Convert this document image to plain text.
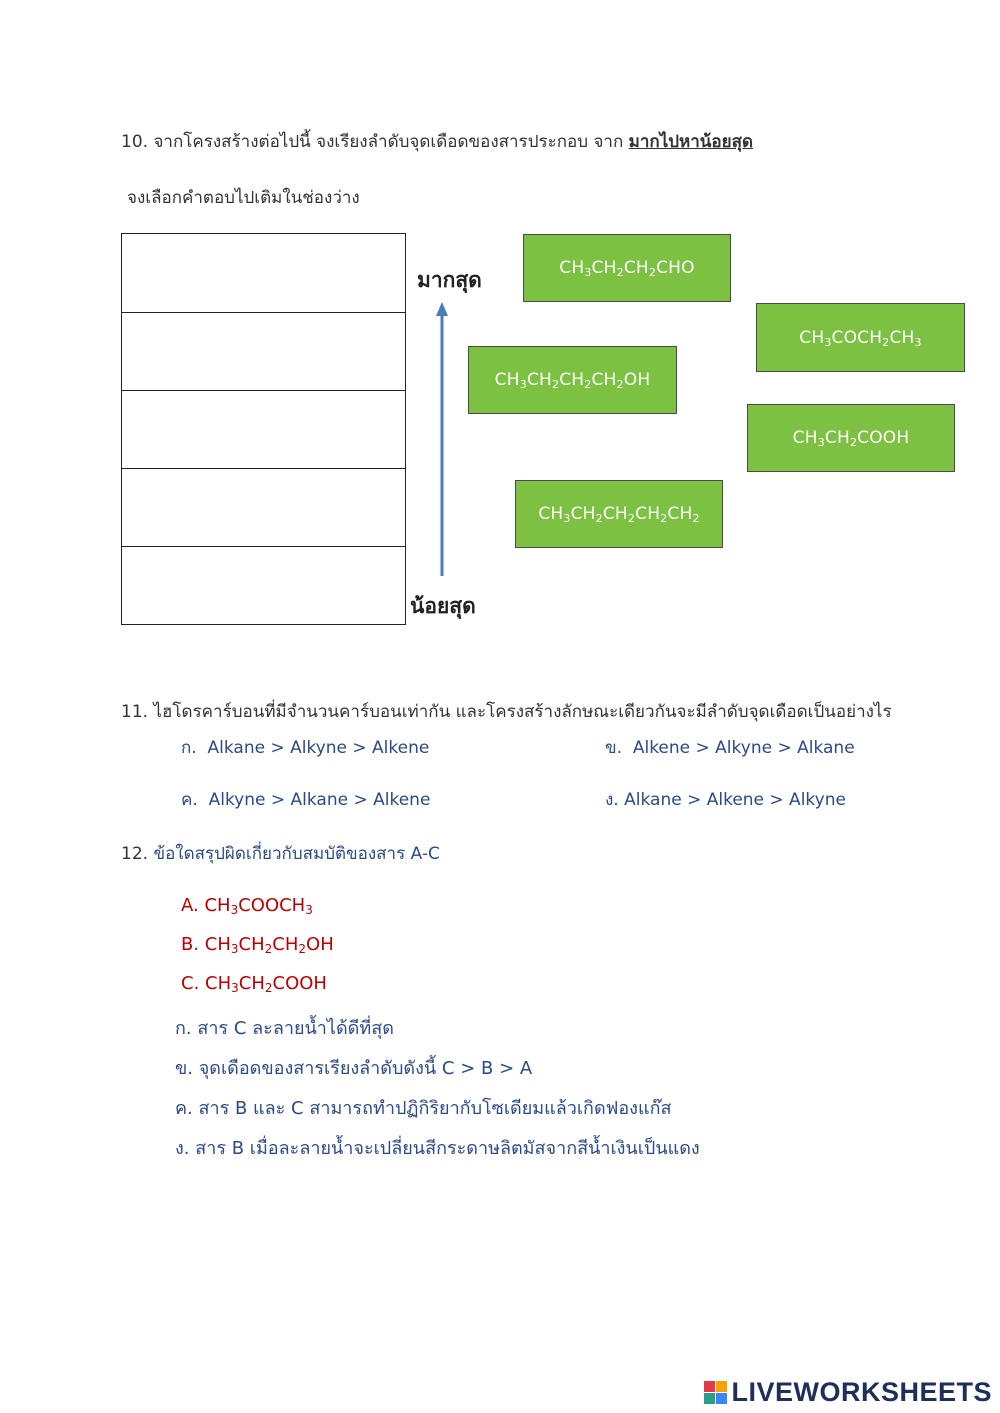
10. จากโครงสร้างต่อไปนี้ จงเรียงลำดับจุดเดือดของสารประกอบ จาก มากไปหาน้อยสุด
จงเลือกคำตอบไปเติมในช่องว่าง
มากสุด
น้อยสุด
$CH_3CH_2CH_2CHO$
$CH_3COCH_2CH_3$
$CH_3CH_2CH_2CH_2OH$
$CH_3CH_2COOH$
$CH_3CH_2CH_2CH_2CH_2$
11. ไฮโดรคาร์บอนที่มีจำนวนคาร์บอนเท่ากัน และโครงสร้างลักษณะเดียวกันจะมีลำดับจุดเดือดเป็นอย่างไร
ก. Alkane > Alkyne > Alkene	ข. Alkene > Alkyne > Alkane
ค. Alkyne > Alkane > Alkene	ง. Alkane > Alkene > Alkyne
12. ข้อใดสรุปผิดเกี่ยวกับสมบัติของสาร A-C
A. $CH_3COOCH_3$
B. $CH_3CH_2CH_2OH$
C. $CH_3CH_2COOH$
ก. สาร C ละลายน้ำได้ดีที่สุด
ข. จุดเดือดของสารเรียงลำดับดังนี้ C > B > A
ค. สาร B และ C สามารถทำปฏิกิริยากับโซเดียมแล้วเกิดฟองแก๊ส
ง. สาร B เมื่อละลายน้ำจะเปลี่ยนสีกระดาษลิตมัสจากสีน้ำเงินเป็นแดง
LIVEWORKSHEETS
